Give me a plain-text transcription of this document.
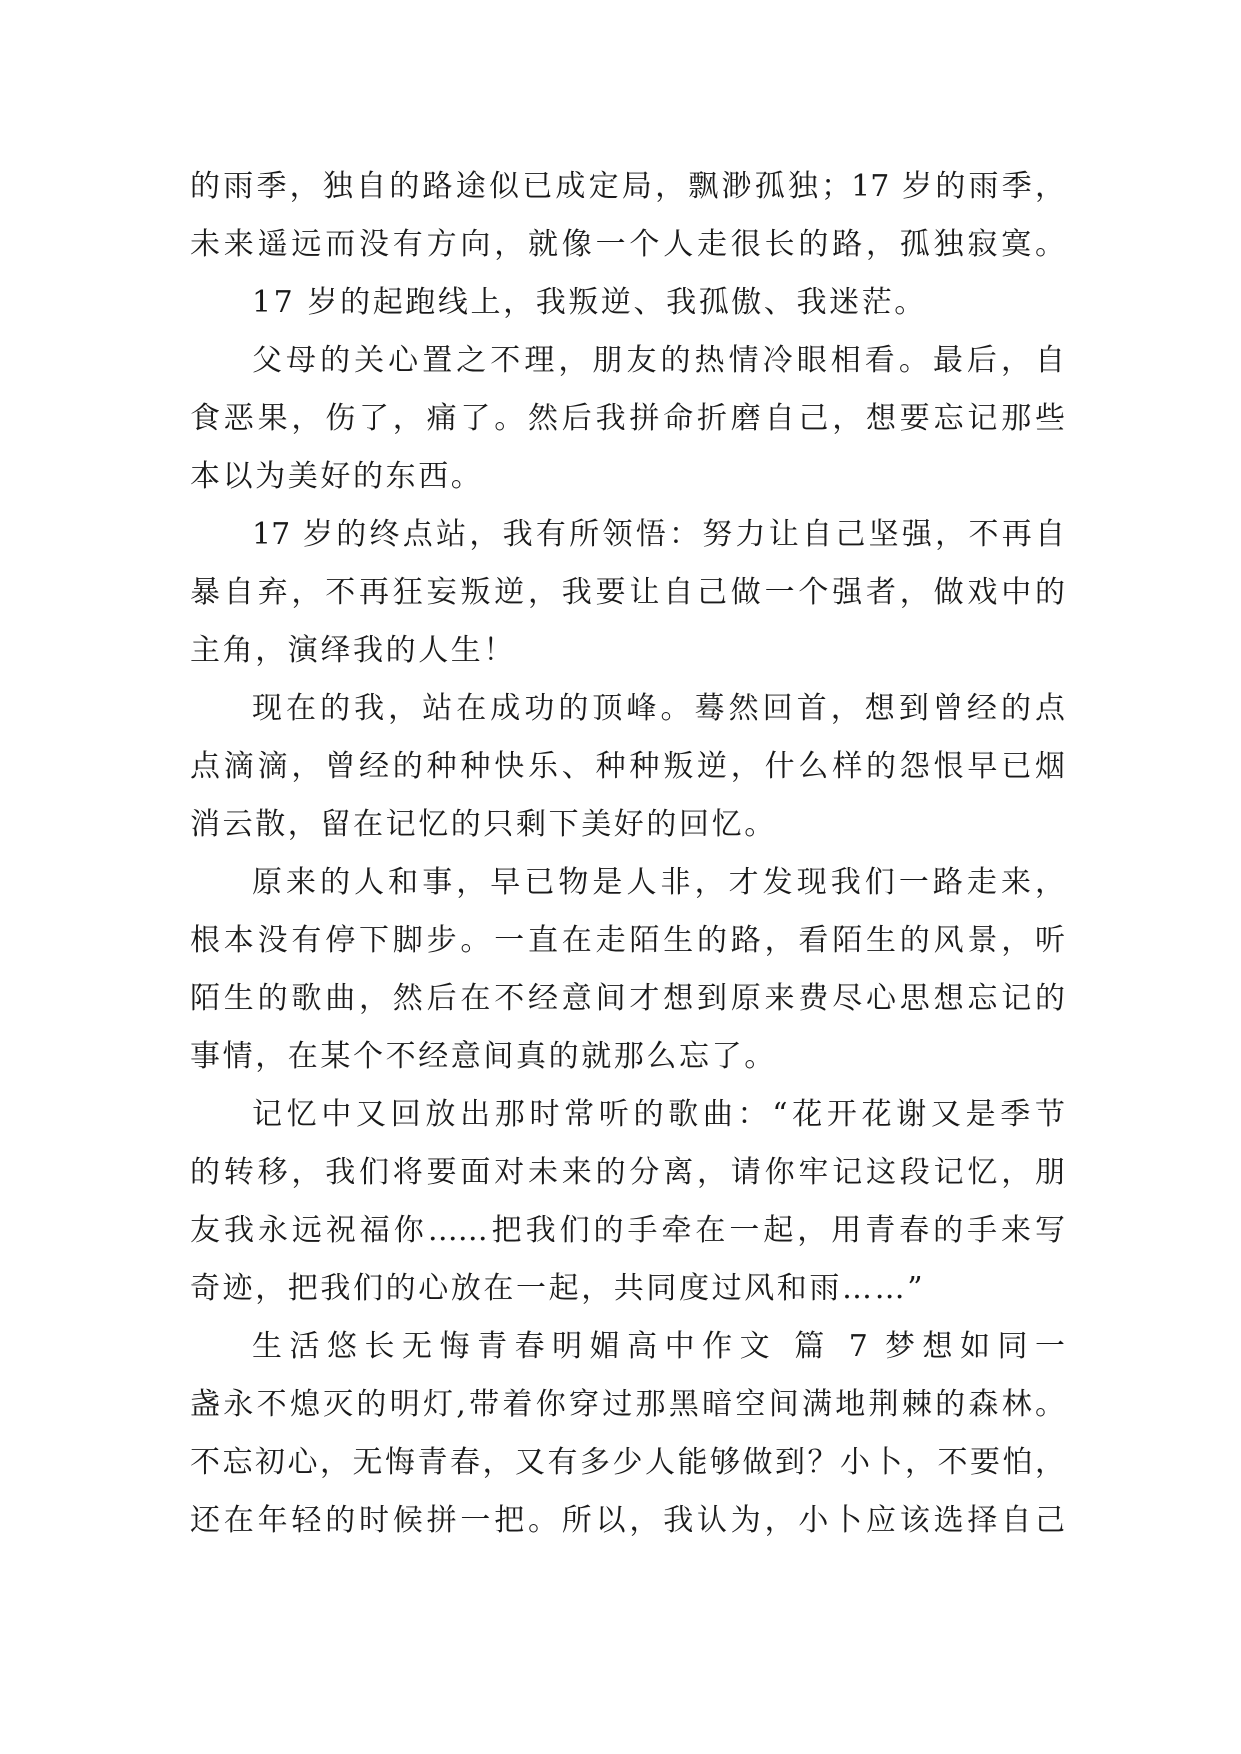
的雨季，独自的路途似已成定局，飘渺孤独；17 岁的雨季，
未来遥远而没有方向，就像一个人走很长的路，孤独寂寞。
17 岁的起跑线上，我叛逆、我孤傲、我迷茫。
父母的关心置之不理，朋友的热情冷眼相看。最后，自
食恶果，伤了，痛了。然后我拼命折磨自己，想要忘记那些
本以为美好的东西。
17 岁的终点站，我有所领悟：努力让自己坚强，不再自
暴自弃，不再狂妄叛逆，我要让自己做一个强者，做戏中的
主角，演绎我的人生！
现在的我，站在成功的顶峰。蓦然回首，想到曾经的点
点滴滴，曾经的种种快乐、种种叛逆，什么样的怨恨早已烟
消云散，留在记忆的只剩下美好的回忆。
原来的人和事，早已物是人非，才发现我们一路走来，
根本没有停下脚步。一直在走陌生的路，看陌生的风景，听
陌生的歌曲，然后在不经意间才想到原来费尽心思想忘记的
事情，在某个不经意间真的就那么忘了。
记忆中又回放出那时常听的歌曲：“花开花谢又是季节
的转移，我们将要面对未来的分离，请你牢记这段记忆，朋
友我永远祝福你……把我们的手牵在一起，用青春的手来写
奇迹，把我们的心放在一起，共同度过风和雨……”
生活悠长无悔青春明媚高中作文 篇 7 梦想如同一
盏永不熄灭的明灯,带着你穿过那黑暗空间满地荆棘的森林。
不忘初心，无悔青春，又有多少人能够做到？小卜，不要怕，
还在年轻的时候拼一把。所以，我认为，小卜应该选择自己
